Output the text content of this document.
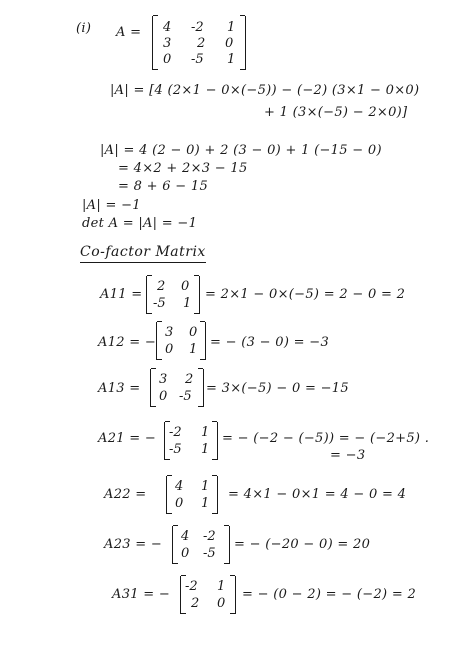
(i) A = 4 -2 1
3 2 0
0 -5 1
|A| = [4 (2×1 − 0×(−5)) − (−2) (3×1 − 0×0)
+ 1 (3×(−5) − 2×0)]
|A| = 4 (2 − 0) + 2 (3 − 0) + 1 (−15 − 0)
= 4×2 + 2×3 − 15
= 8 + 6 − 15
|A| = −1
det A = |A| = −1
Co-factor Matrix
A11 =
2 0
-5 1
= 2×1 − 0×(−5) = 2 − 0 = 2
A12 = −
3 0
0 1 = − (3 − 0) = −3
A13 =
3 2
0 -5
= 3×(−5) − 0 = −15
A21 = − -2 1
-5 1
= − (−2 − (−5)) = − (−2+5) .
= −3
A22 =
4 1
0 1
= 4×1 − 0×1 = 4 − 0 = 4
A23 = −
4 -2
0 -5
= − (−20 − 0) = 20
A31 = −
-2 1
2 0
= − (0 − 2) = − (−2) = 2
